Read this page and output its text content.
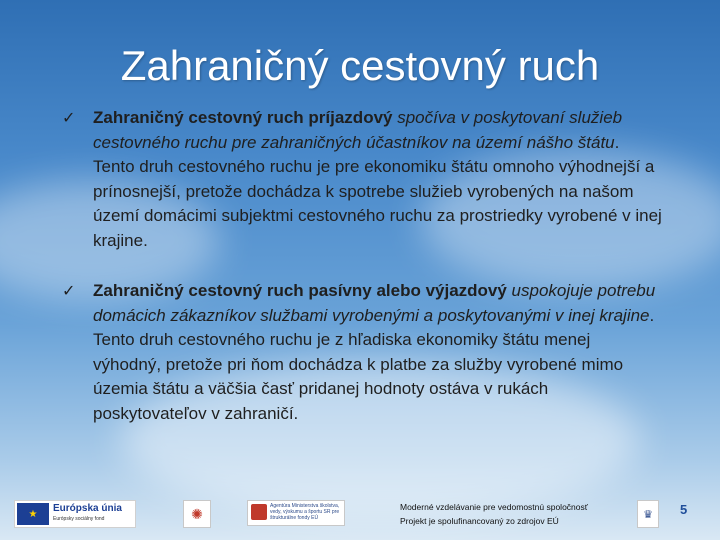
Zahraničný cestovný ruch
✓ Zahraničný cestovný ruch príjazdový spočíva v poskytovaní služieb cestovného ruchu pre zahraničných účastníkov na území nášho štátu. Tento druh cestovného ruchu je pre ekonomiku štátu omnoho výhodnejší a prínosnejší, pretože dochádza k spotrebe služieb vyrobených na našom území domácimi subjektmi cestovného ruchu za prostriedky vyrobené v inej krajine.
✓ Zahraničný cestovný ruch pasívny alebo výjazdový uspokojuje potrebu domácich zákazníkov službami vyrobenými a poskytovanými v inej krajine. Tento druh cestovného ruchu je z hľadiska ekonomiky štátu menej výhodný, pretože pri ňom dochádza k platbe za služby vyrobené mimo územia štátu a väčšia časť pridanej hodnoty ostáva v rukách poskytovateľov v zahraničí.
★	Európska únia
Európsky sociálny fond	✺	Agentúra Ministerstva školstva, vedy, výskumu a športu SR pre štrukturálne fondy EÚ
Moderné vzdelávanie pre vedomostnú spoločnosť
Projekt je spolufinancovaný zo zdrojov EÚ
♛	5
